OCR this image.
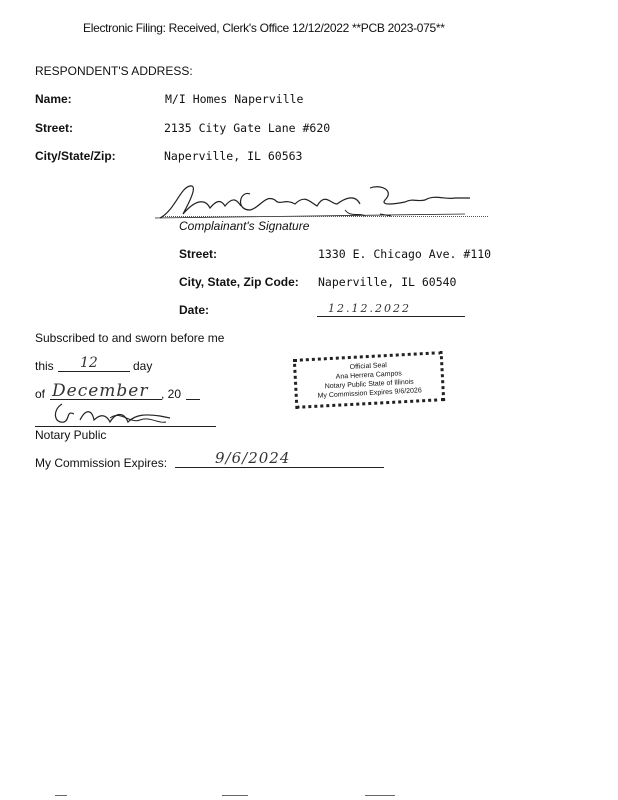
Electronic Filing: Received, Clerk's Office 12/12/2022 **PCB 2023-075**
RESPONDENT'S ADDRESS:
Name:	M/I Homes Naperville
Street:	2135 City Gate Lane #620
City/State/Zip:	Naperville, IL 60563
Complainant's Signature
Street:	1330 E. Chicago Ave. #110
City, State, Zip Code: Naperville, IL 60540
Date:	12.12.2022
Subscribed to and sworn before me
this 12	day
of December , 20
Notary Public
My Commission Expires:	9/6/2024
Official Seal
Ana Herrera Campos
Notary Public State of Illinois
My Commission Expires 9/6/2026
